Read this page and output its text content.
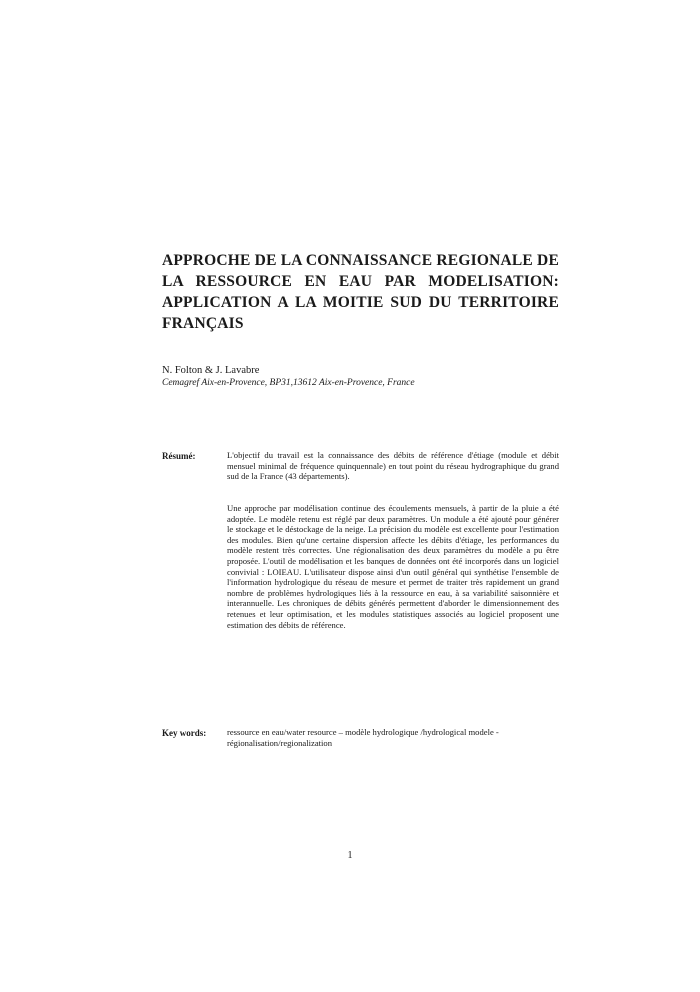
APPROCHE DE LA CONNAISSANCE REGIONALE DE LA RESSOURCE EN EAU PAR MODELISATION: APPLICATION A LA MOITIE SUD DU TERRITOIRE FRANÇAIS
N. Folton & J. Lavabre
Cemagref Aix-en-Provence, BP31,13612 Aix-en-Provence, France
Résumé:	L'objectif du travail est la connaissance des débits de référence d'étiage (module et débit mensuel minimal de fréquence quinquennale) en tout point du réseau hydrographique du grand sud de la France (43 départements).
Une approche par modélisation continue des écoulements mensuels, à partir de la pluie a été adoptée. Le modèle retenu est réglé par deux paramètres. Un module a été ajouté pour générer le stockage et le déstockage de la neige. La précision du modèle est excellente pour l'estimation des modules. Bien qu'une certaine dispersion affecte les débits d'étiage, les performances du modèle restent très correctes. Une régionalisation des deux paramètres du modèle a pu être proposée. L'outil de modélisation et les banques de données ont été incorporés dans un logiciel convivial : LOIEAU. L'utilisateur dispose ainsi d'un outil général qui synthétise l'ensemble de l'information hydrologique du réseau de mesure et permet de traiter très rapidement un grand nombre de problèmes hydrologiques liés à la ressource en eau, à sa variabilité saisonnière et interannuelle. Les chroniques de débits générés permettent d'aborder le dimensionnement des retenues et leur optimisation, et les modules statistiques associés au logiciel proposent une estimation des débits de référence.
Key words: ressource en eau/water resource – modèle hydrologique /hydrological modele - régionalisation/regionalization
1
